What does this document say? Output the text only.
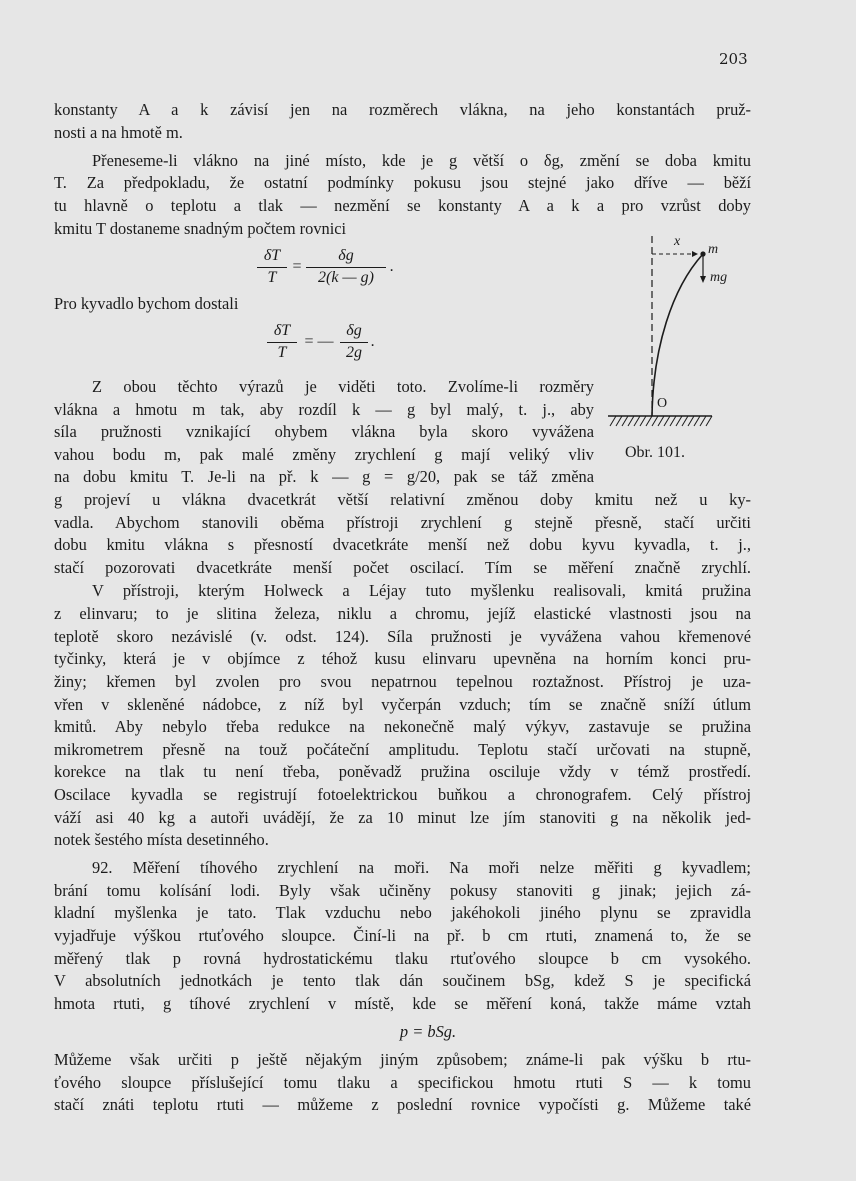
203
konstanty A a k závisí jen na rozměrech vlákna, na jeho konstantách pruž-
nosti a na hmotě m.
Přeneseme-li vlákno na jiné místo, kde je g větší o δg, změní se doba kmitu
T. Za předpokladu, že ostatní podmínky pokusu jsou stejné jako dříve — běží
tu hlavně o teplotu a tlak — nezmění se konstanty A a k a pro vzrůst doby
kmitu T dostaneme snadným počtem rovnici
δT
T
=
δg
2(k — g)
.
Pro kyvadlo bychom dostali
δT
T
= —
δg
2g
.
Z obou těchto výrazů je viděti toto. Zvolíme-li rozměry
vlákna a hmotu m tak, aby rozdíl k — g byl malý, t. j., aby
síla pružnosti vznikající ohybem vlákna byla skoro vyvážena
vahou bodu m, pak malé změny zrychlení g mají veliký vliv
na dobu kmitu T. Je-li na př. k — g = g/20, pak se táž změna
g projeví u vlákna dvacetkrát větší relativní změnou doby kmitu než u ky-
vadla. Abychom stanovili oběma přístroji zrychlení g stejně přesně, stačí určiti
dobu kmitu vlákna s přesností dvacetkráte menší než dobu kyvu kyvadla, t. j.,
stačí pozorovati dvacetkráte menší počet oscilací. Tím se měření značně zrychlí.
V přístroji, kterým Holweck a Léjay tuto myšlenku realisovali, kmitá pružina
z elinvaru; to je slitina železa, niklu a chromu, jejíž elastické vlastnosti jsou na
teplotě skoro nezávislé (v. odst. 124). Síla pružnosti je vyvážena vahou křemenové
tyčinky, která je v objímce z téhož kusu elinvaru upevněna na horním konci pru-
žiny; křemen byl zvolen pro svou nepatrnou tepelnou roztažnost. Přístroj je uza-
vřen v skleněné nádobce, z níž byl vyčerpán vzduch; tím se značně sníží útlum
kmitů. Aby nebylo třeba redukce na nekonečně malý výkyv, zastavuje se pružina
mikrometrem přesně na touž počáteční amplitudu. Teplotu stačí určovati na stupně,
korekce na tlak tu není třeba, poněvadž pružina osciluje vždy v témž prostředí.
Oscilace kyvadla se registrují fotoelektrickou buňkou a chronografem. Celý přístroj
váží asi 40 kg a autoři uvádějí, že za 10 minut lze jím stanoviti g na několik jed-
notek šestého místa desetinného.
92. Měření tíhového zrychlení na moři. Na moři nelze měřiti g kyvadlem;
brání tomu kolísání lodi. Byly však učiněny pokusy stanoviti g jinak; jejich zá-
kladní myšlenka je tato. Tlak vzduchu nebo jakéhokoli jiného plynu se zpravidla
vyjadřuje výškou rtuťového sloupce. Činí-li na př. b cm rtuti, znamená to, že se
měřený tlak p rovná hydrostatickému tlaku rtuťového sloupce b cm vysokého.
V absolutních jednotkách je tento tlak dán součinem bSg, kdež S je specifická
hmota rtuti, g tíhové zrychlení v místě, kde se měření koná, takže máme vztah
p = bSg.
Můžeme však určiti p ještě nějakým jiným způsobem; známe-li pak výšku b rtu-
ťového sloupce příslušející tomu tlaku a specifickou hmotu rtuti S — k tomu
stačí znáti teplotu rtuti — můžeme z poslední rovnice vypočísti g. Můžeme také
x
m
mg
O
Obr. 101.
